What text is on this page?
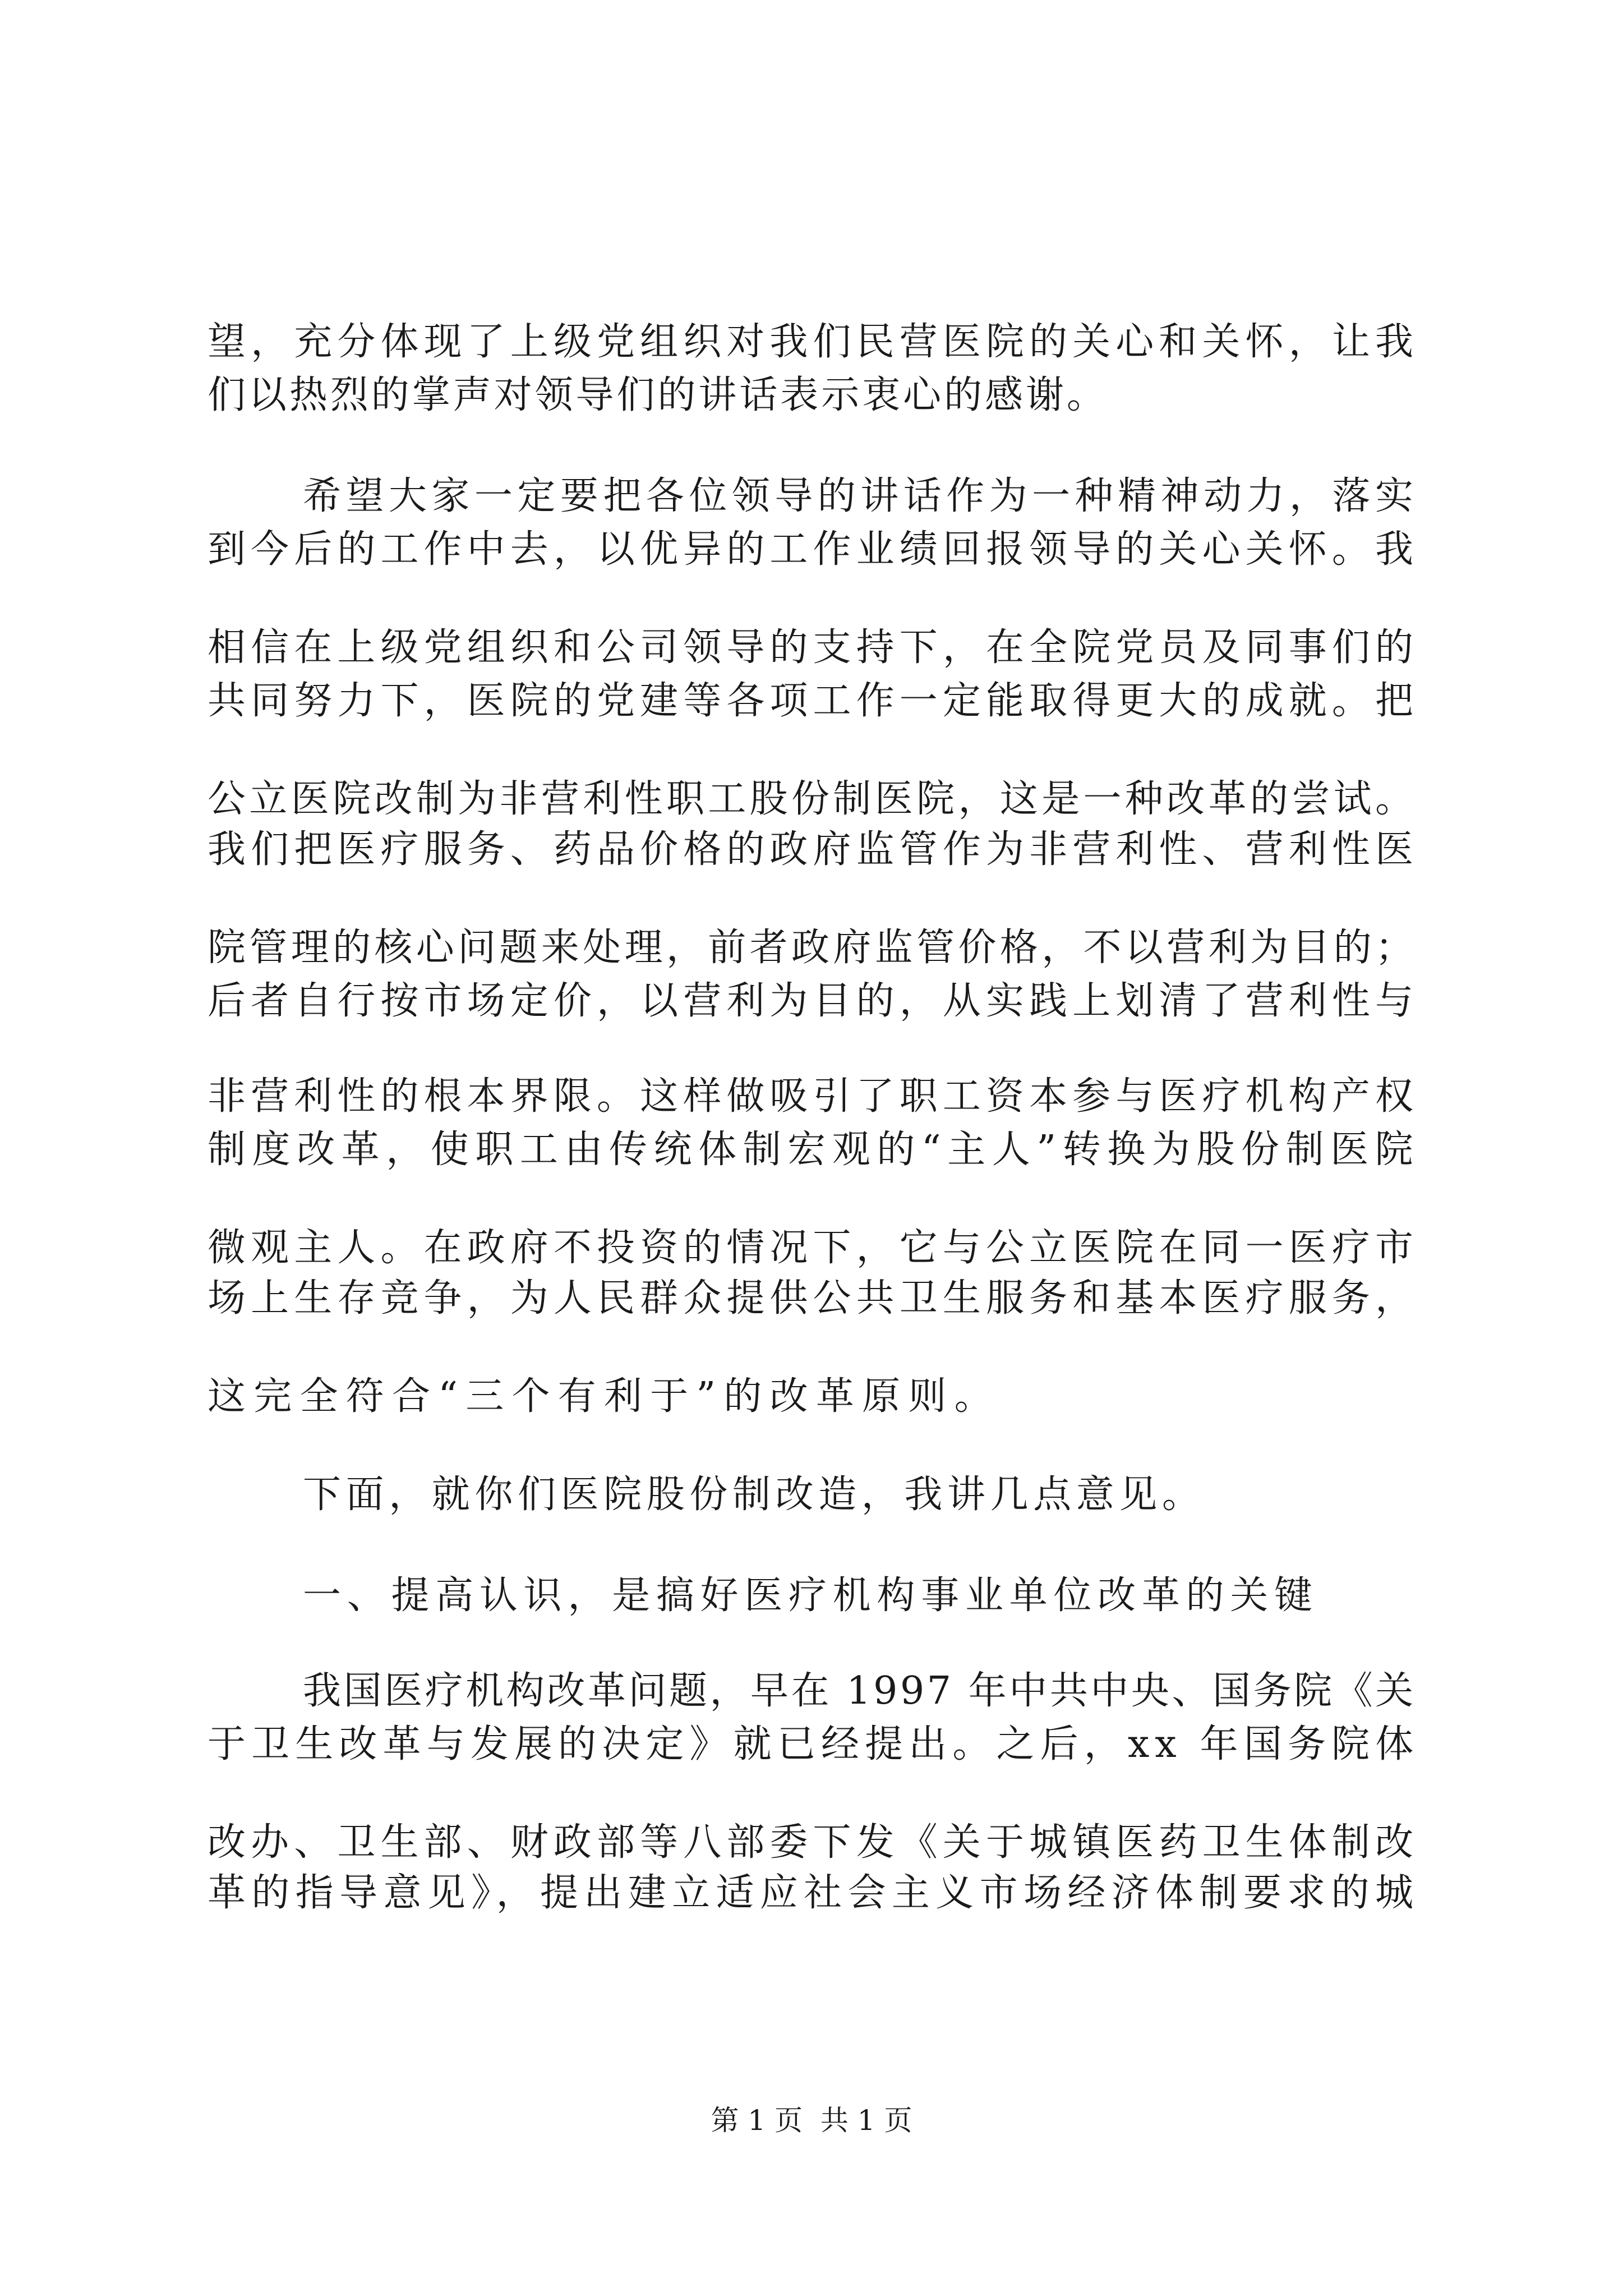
望，充分体现了上级党组织对我们民营医院的关心和关怀，让我
们以热烈的掌声对领导们的讲话表示衷心的感谢。
希望大家一定要把各位领导的讲话作为一种精神动力，落实
到今后的工作中去，以优异的工作业绩回报领导的关心关怀。我
相信在上级党组织和公司领导的支持下，在全院党员及同事们的
共同努力下，医院的党建等各项工作一定能取得更大的成就。把
公立医院改制为非营利性职工股份制医院，这是一种改革的尝试。
我们把医疗服务、药品价格的政府监管作为非营利性、营利性医
院管理的核心问题来处理，前者政府监管价格，不以营利为目的；
后者自行按市场定价，以营利为目的，从实践上划清了营利性与
非营利性的根本界限。这样做吸引了职工资本参与医疗机构产权
制度改革，使职工由传统体制宏观的“主人”转换为股份制医院
微观主人。在政府不投资的情况下，它与公立医院在同一医疗市
场上生存竞争，为人民群众提供公共卫生服务和基本医疗服务，
这完全符合“三个有利于”的改革原则。
下面，就你们医院股份制改造，我讲几点意见。
一、提高认识，是搞好医疗机构事业单位改革的关键
我国医疗机构改革问题，早在 1997 年中共中央、国务院《关
于卫生改革与发展的决定》就已经提出。之后，xx 年国务院体
改办、卫生部、财政部等八部委下发《关于城镇医药卫生体制改
革的指导意见》，提出建立适应社会主义市场经济体制要求的城
第 1 页  共 1 页
